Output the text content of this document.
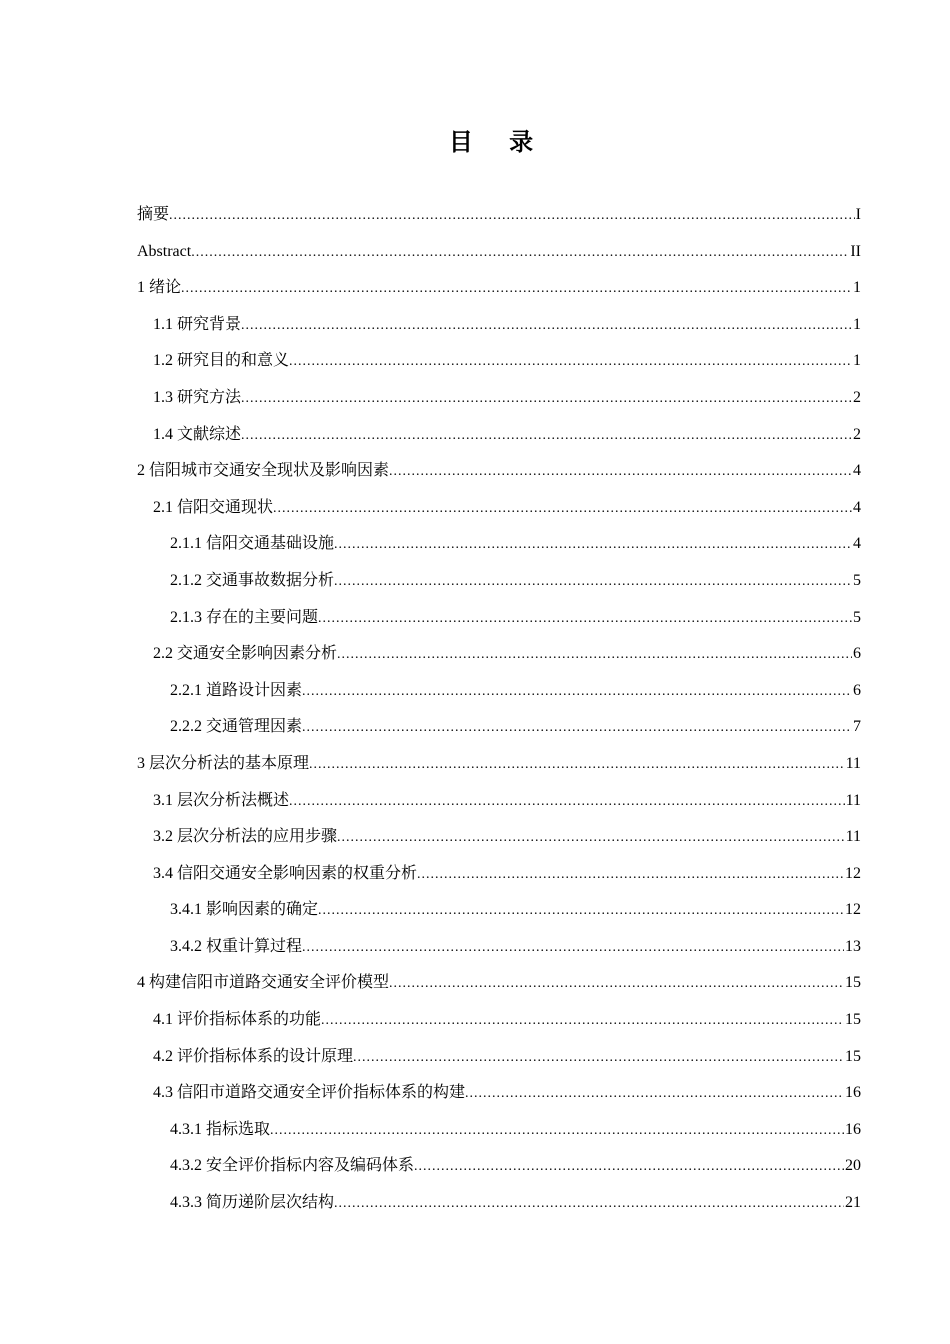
目 录
摘要 .....	I
Abstract .....	II
1 绪论 .....	1
1.1 研究背景 .....	1
1.2 研究目的和意义 .....	1
1.3 研究方法 .....	2
1.4 文献综述 .....	2
2 信阳城市交通安全现状及影响因素 .....	4
2.1 信阳交通现状 .....	4
2.1.1 信阳交通基础设施 .....	4
2.1.2 交通事故数据分析 .....	5
2.1.3 存在的主要问题 .....	5
2.2 交通安全影响因素分析 .....	6
2.2.1 道路设计因素 .....	6
2.2.2 交通管理因素 .....	7
3 层次分析法的基本原理 .....	11
3.1 层次分析法概述 .....	11
3.2 层次分析法的应用步骤 .....	11
3.4 信阳交通安全影响因素的权重分析 .....	12
3.4.1 影响因素的确定 .....	12
3.4.2 权重计算过程 .....	13
4 构建信阳市道路交通安全评价模型 .....	15
4.1 评价指标体系的功能 .....	15
4.2 评价指标体系的设计原理 .....	15
4.3 信阳市道路交通安全评价指标体系的构建 .....	16
4.3.1 指标选取 .....	16
4.3.2 安全评价指标内容及编码体系 .....	20
4.3.3 简历递阶层次结构 .....	21
